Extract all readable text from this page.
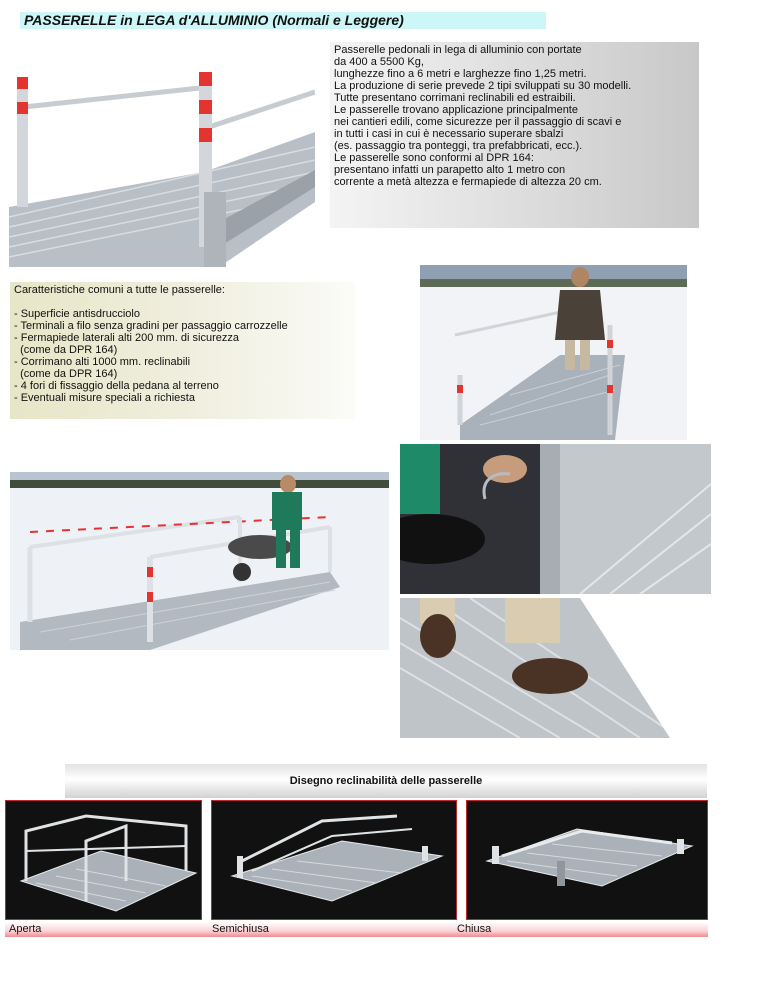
PASSERELLE in LEGA d'ALLUMINIO (Normali e Leggere)
Passerelle pedonali in lega di alluminio con portate
da 400 a 5500 Kg,
lunghezze fino a 6 metri e larghezze fino 1,25 metri.
La produzione di serie prevede 2 tipi sviluppati su 30 modelli.
Tutte presentano corrimani reclinabili ed estraibili.
Le passerelle trovano applicazione principalmente
nei cantieri edili, come sicurezze per il passaggio di scavi e
in tutti i casi in cui è necessario superare sbalzi
(es. passaggio tra ponteggi, tra prefabbricati, ecc.).
Le passerelle sono conformi al DPR 164:
presentano infatti un parapetto alto 1 metro con
corrente a metà altezza e fermapiede di altezza 20 cm.
Caratteristiche comuni a tutte le passerelle:
- Superficie antisdrucciolo
- Terminali a filo senza gradini per passaggio carrozzelle
- Fermapiede laterali alti 200 mm. di sicurezza
(come da DPR 164)
- Corrimano alti 1000 mm. reclinabili
(come da DPR 164)
- 4 fori di fissaggio della pedana al terreno
- Eventuali misure speciali a richiesta
Disegno reclinabilità delle passerelle
Aperta	Semichiusa	Chiusa
